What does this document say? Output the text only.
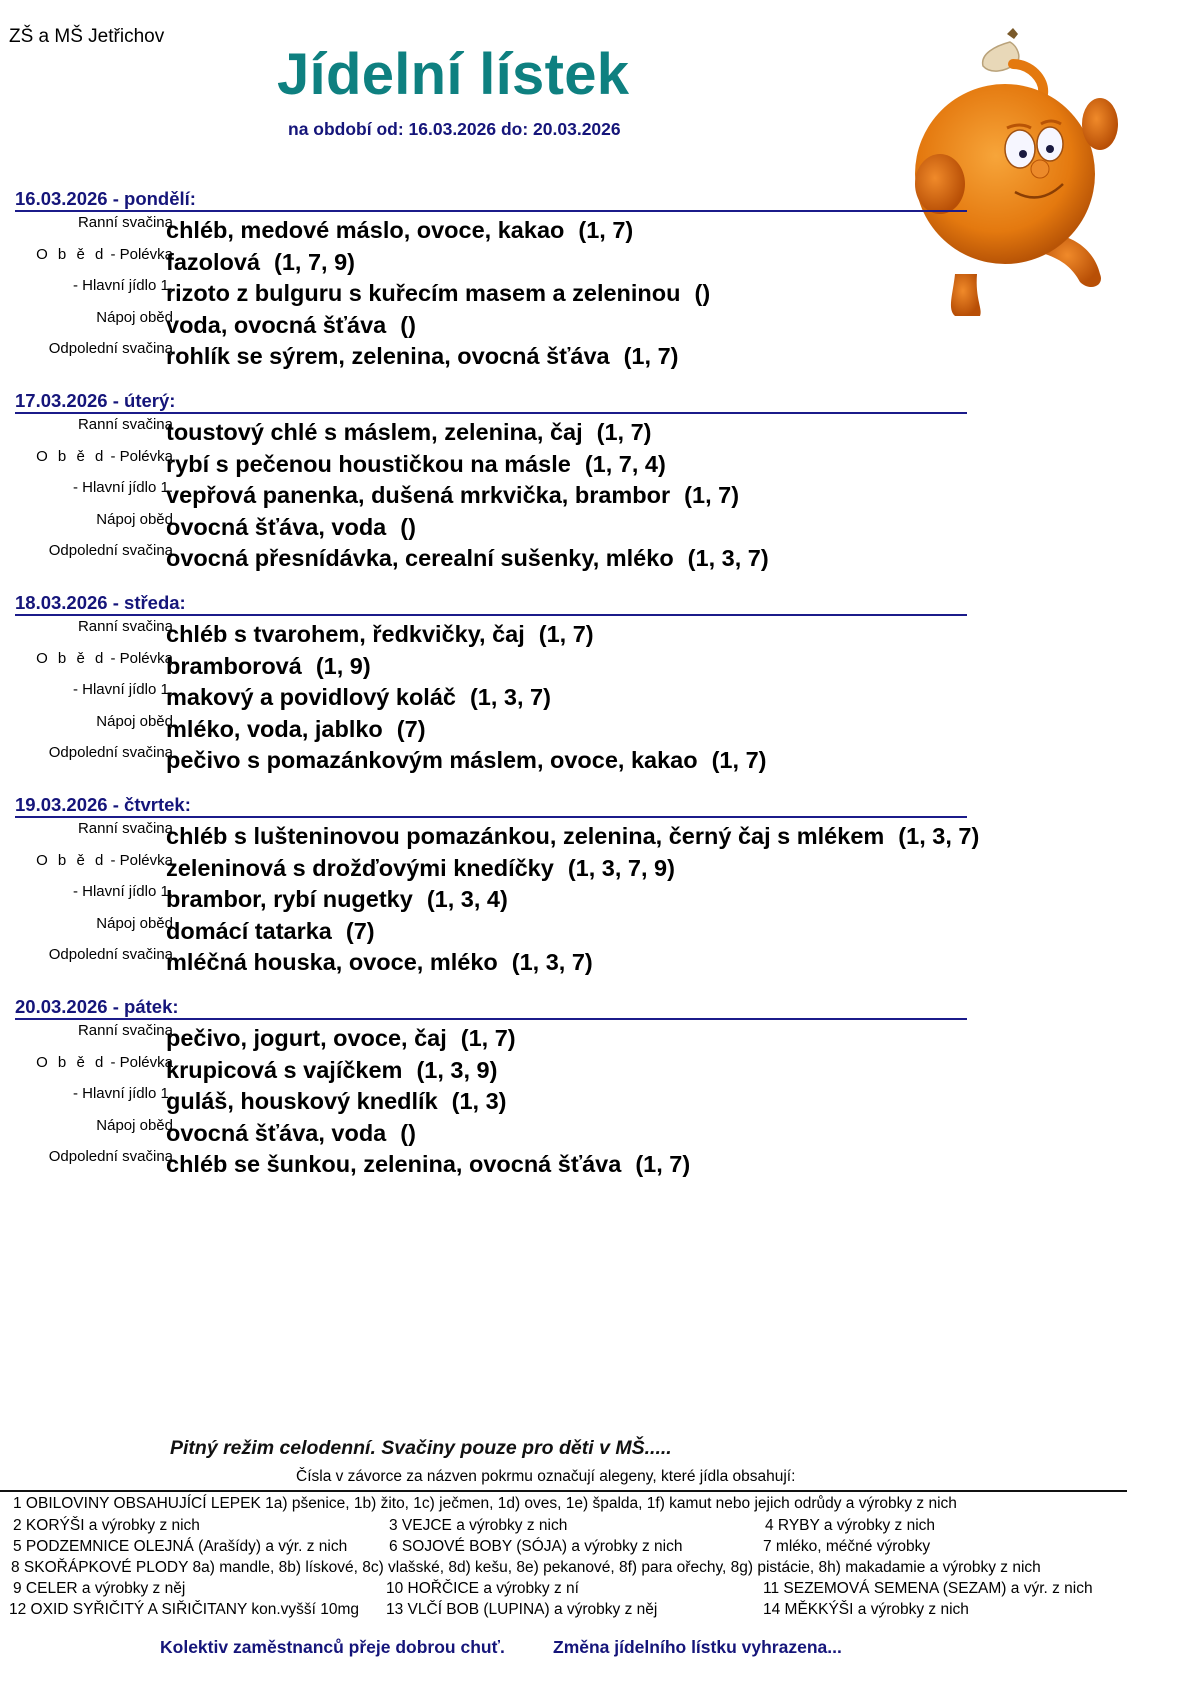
ZŠ a MŠ Jetřichov
Jídelní lístek
na období od: 16.03.2026 do: 20.03.2026
16.03.2026 - pondělí:
Ranní svačina
chléb, medové máslo, ovoce, kakao (1, 7)
O b ě d - Polévka
fazolová (1, 7, 9)
- Hlavní jídlo 1.
rizoto z bulguru s kuřecím masem a zeleninou ()
Nápoj oběd
voda, ovocná šťáva ()
Odpolední svačina
rohlík se sýrem, zelenina, ovocná šťáva (1, 7)
17.03.2026 - úterý:
Ranní svačina
toustový chlé s máslem, zelenina, čaj (1, 7)
O b ě d - Polévka
rybí s pečenou houstičkou na másle (1, 7, 4)
- Hlavní jídlo 1.
vepřová panenka, dušená mrkvička, brambor (1, 7)
Nápoj oběd
ovocná šťáva, voda ()
Odpolední svačina
ovocná přesnídávka, cerealní sušenky, mléko (1, 3, 7)
18.03.2026 - středa:
Ranní svačina
chléb s tvarohem, ředkvičky, čaj (1, 7)
O b ě d - Polévka
bramborová (1, 9)
- Hlavní jídlo 1.
makový a povidlový koláč (1, 3, 7)
Nápoj oběd
mléko, voda, jablko (7)
Odpolední svačina
pečivo s pomazánkovým máslem, ovoce, kakao (1, 7)
19.03.2026 - čtvrtek:
Ranní svačina
chléb s lušteninovou pomazánkou, zelenina, černý čaj s mlékem (1, 3, 7)
O b ě d - Polévka
zeleninová s drožďovými knedíčky (1, 3, 7, 9)
- Hlavní jídlo 1.
brambor, rybí nugetky (1, 3, 4)
Nápoj oběd
domácí tatarka (7)
Odpolední svačina
mléčná houska, ovoce, mléko (1, 3, 7)
20.03.2026 - pátek:
Ranní svačina
pečivo, jogurt, ovoce, čaj (1, 7)
O b ě d - Polévka
krupicová s vajíčkem (1, 3, 9)
- Hlavní jídlo 1.
guláš, houskový knedlík (1, 3)
Nápoj oběd
ovocná šťáva, voda ()
Odpolední svačina
chléb se šunkou, zelenina, ovocná šťáva (1, 7)
Pitný režim celodenní. Svačiny pouze pro děti v MŠ.....
Čísla v závorce za názven pokrmu označují alegeny, které jídla obsahují:
1 OBILOVINY OBSAHUJÍCÍ LEPEK 1a) pšenice, 1b) žito, 1c) ječmen, 1d) oves, 1e) špalda, 1f) kamut nebo jejich odrůdy a výrobky z nich
2 KORÝŠI a výrobky z nich	3 VEJCE a výrobky z nich	4 RYBY a výrobky z nich
5 PODZEMNICE OLEJNÁ (Arašídy) a výr. z nich	6 SOJOVÉ BOBY (SÓJA) a výrobky z nich	7 mléko, méčné výrobky
8 SKOŘÁPKOVÉ PLODY 8a) mandle, 8b) lískové, 8c) vlašské, 8d) kešu, 8e) pekanové, 8f) para ořechy, 8g) pistácie, 8h) makadamie a výrobky z nich
9 CELER a výrobky z něj	10 HOŘČICE a výrobky z ní	11 SEZEMOVÁ SEMENA (SEZAM) a výr. z nich
12 OXID SYŘIČITÝ A SIŘIČITANY kon.vyšší 10mg 13 VLČÍ BOB (LUPINA) a výrobky z něj	14 MĚKKÝŠI a výrobky z nich
Kolektiv zaměstnanců přeje dobrou chuť.	Změna jídelního lístku vyhrazena...
